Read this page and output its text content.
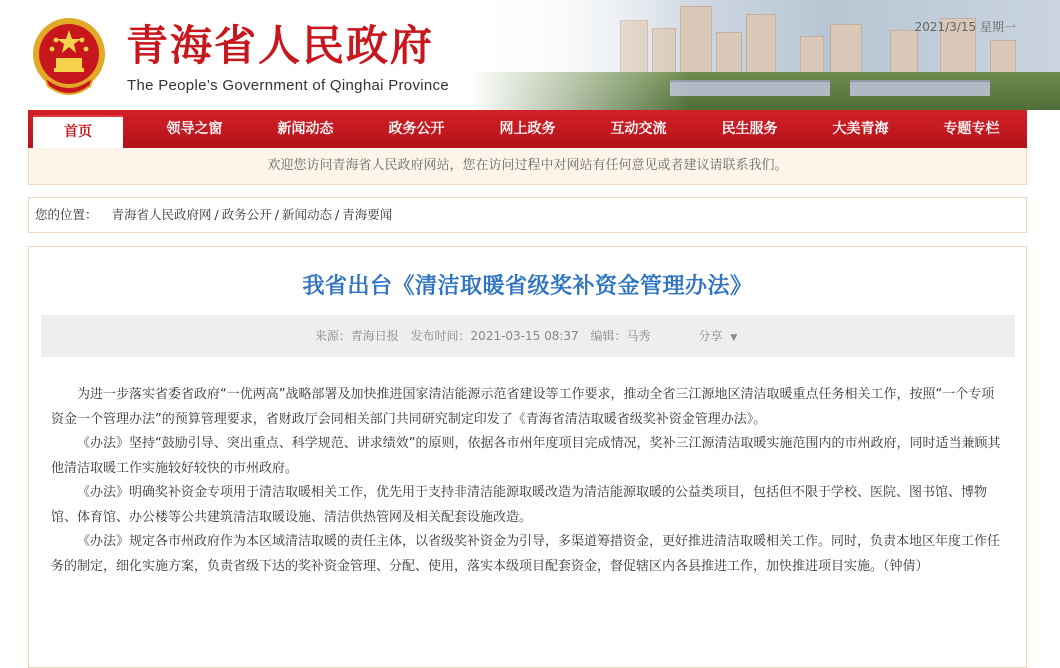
青海省人民政府
The People’s Government of Qinghai Province
2021/3/15 星期一
首页	领导之窗	新闻动态	政务公开	网上政务	互动交流	民生服务	大美青海	专题专栏
欢迎您访问青海省人民政府网站，您在访问过程中对网站有任何意见或者建议请联系我们。
您的位置： 青海省人民政府网 / 政务公开 / 新闻动态 / 青海要闻
我省出台《清洁取暖省级奖补资金管理办法》
来源：青海日报 发布时间：2021-03-15 08:37 编辑：马秀	分享 ▼

为进一步落实省委省政府“一优两高”战略部署及加快推进国家清洁能源示范省建设等工作要求，推动全省三江源地区清洁取暖重点任务相关工作，按照“一个专项资金一个管理办法”的预算管理要求，省财政厅会同相关部门共同研究制定印发了《青海省清洁取暖省级奖补资金管理办法》。

《办法》坚持“鼓励引导、突出重点、科学规范、讲求绩效”的原则，依据各市州年度项目完成情况，奖补三江源清洁取暖实施范围内的市州政府，同时适当兼顾其他清洁取暖工作实施较好较快的市州政府。

《办法》明确奖补资金专项用于清洁取暖相关工作，优先用于支持非清洁能源取暖改造为清洁能源取暖的公益类项目，包括但不限于学校、医院、图书馆、博物馆、体育馆、办公楼等公共建筑清洁取暖设施、清洁供热管网及相关配套设施改造。

《办法》规定各市州政府作为本区域清洁取暖的责任主体，以省级奖补资金为引导，多渠道筹措资金，更好推进清洁取暖相关工作。同时，负责本地区年度工作任务的制定，细化实施方案，负责省级下达的奖补资金管理、分配、使用，落实本级项目配套资金，督促辖区内各县推进工作，加快推进项目实施。（钟倩）
